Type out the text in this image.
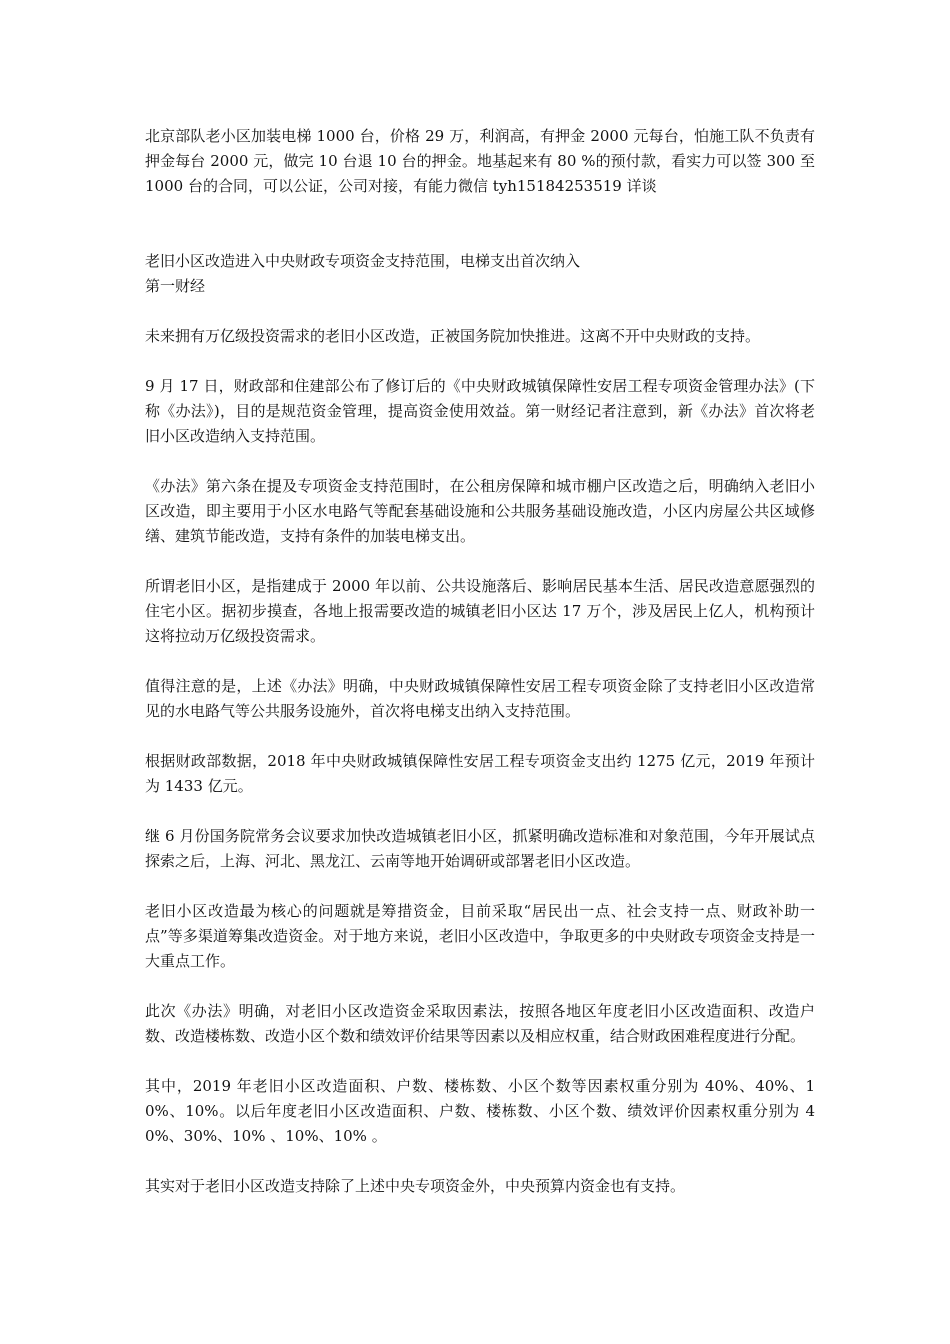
北京部队老小区加装电梯 1000 台，价格 29 万，利润高，有押金 2000 元每台，怕施工队不负责有押金每台 2000 元，做完 10 台退 10 台的押金。地基起来有 80 %的预付款，看实力可以签 300 至 1000 台的合同，可以公证，公司对接，有能力微信 tyh15184253519 详谈

老旧小区改造进入中央财政专项资金支持范围，电梯支出首次纳入
第一财经

未来拥有万亿级投资需求的老旧小区改造，正被国务院加快推进。这离不开中央财政的支持。

9 月 17 日，财政部和住建部公布了修订后的《中央财政城镇保障性安居工程专项资金管理办法》(下称《办法》)，目的是规范资金管理，提高资金使用效益。第一财经记者注意到，新《办法》首次将老旧小区改造纳入支持范围。

《办法》第六条在提及专项资金支持范围时，在公租房保障和城市棚户区改造之后，明确纳入老旧小区改造，即主要用于小区水电路气等配套基础设施和公共服务基础设施改造，小区内房屋公共区域修缮、建筑节能改造，支持有条件的加装电梯支出。

所谓老旧小区，是指建成于 2000 年以前、公共设施落后、影响居民基本生活、居民改造意愿强烈的住宅小区。据初步摸查，各地上报需要改造的城镇老旧小区达 17 万个，涉及居民上亿人，机构预计这将拉动万亿级投资需求。

值得注意的是，上述《办法》明确，中央财政城镇保障性安居工程专项资金除了支持老旧小区改造常见的水电路气等公共服务设施外，首次将电梯支出纳入支持范围。

根据财政部数据，2018 年中央财政城镇保障性安居工程专项资金支出约 1275 亿元，2019 年预计为 1433 亿元。

继 6 月份国务院常务会议要求加快改造城镇老旧小区，抓紧明确改造标准和对象范围，今年开展试点探索之后，上海、河北、黑龙江、云南等地开始调研或部署老旧小区改造。

老旧小区改造最为核心的问题就是筹措资金，目前采取“居民出一点、社会支持一点、财政补助一点”等多渠道筹集改造资金。对于地方来说，老旧小区改造中，争取更多的中央财政专项资金支持是一大重点工作。

此次《办法》明确，对老旧小区改造资金采取因素法，按照各地区年度老旧小区改造面积、改造户数、改造楼栋数、改造小区个数和绩效评价结果等因素以及相应权重，结合财政困难程度进行分配。

其中，2019 年老旧小区改造面积、户数、楼栋数、小区个数等因素权重分别为 40%、40%、10%、10%。以后年度老旧小区改造面积、户数、楼栋数、小区个数、绩效评价因素权重分别为 40%、30%、10% 、10%、10% 。

其实对于老旧小区改造支持除了上述中央专项资金外，中央预算内资金也有支持。
